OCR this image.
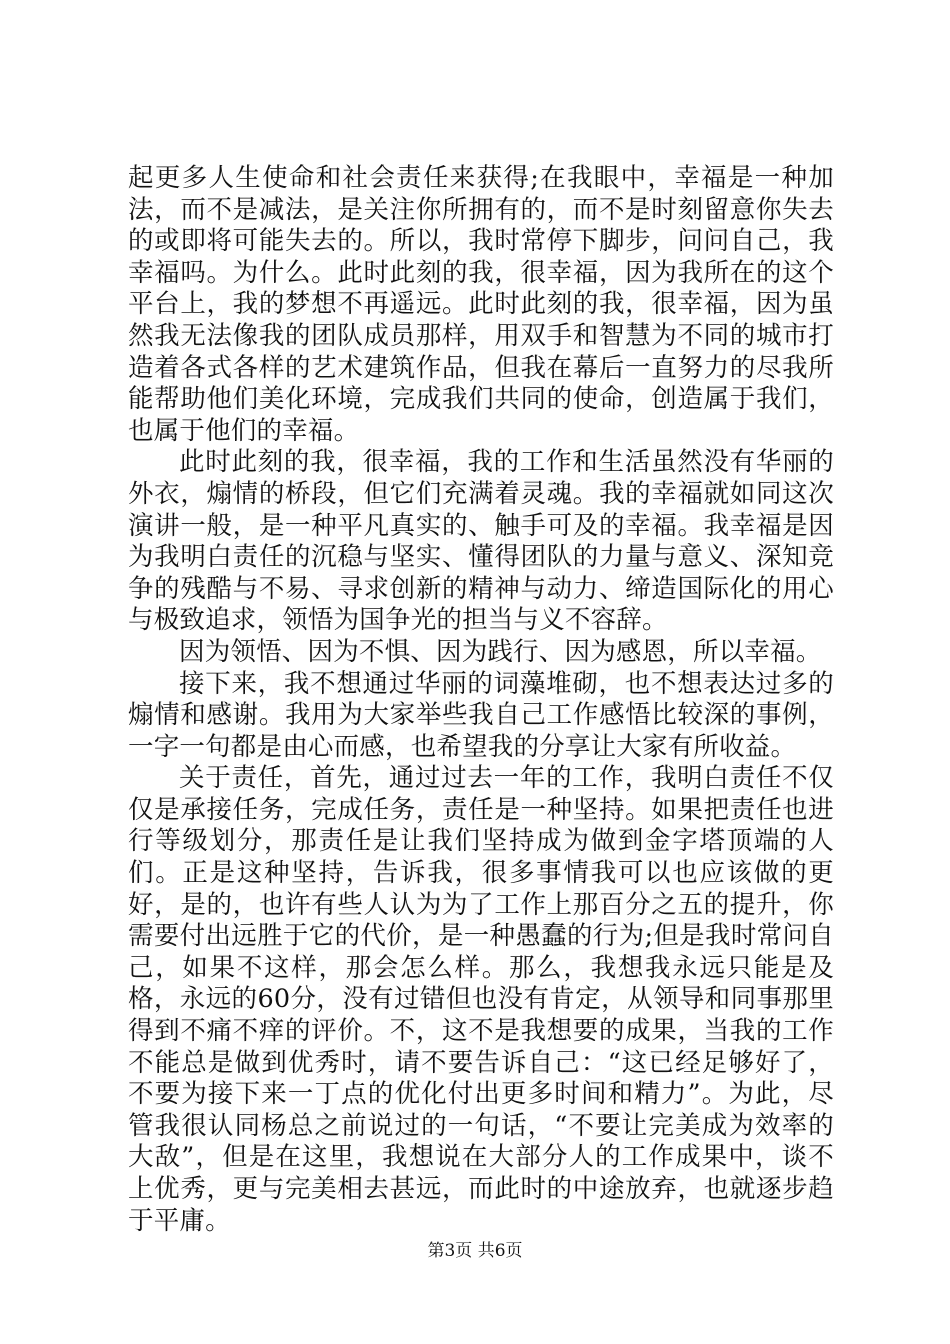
起更多人生使命和社会责任来获得;在我眼中，幸福是一种加法，而不是减法，是关注你所拥有的，而不是时刻留意你失去的或即将可能失去的。所以，我时常停下脚步，问问自己，我幸福吗。为什么。此时此刻的我，很幸福，因为我所在的这个平台上，我的梦想不再遥远。此时此刻的我，很幸福，因为虽然我无法像我的团队成员那样，用双手和智慧为不同的城市打造着各式各样的艺术建筑作品，但我在幕后一直努力的尽我所能帮助他们美化环境，完成我们共同的使命，创造属于我们，也属于他们的幸福。

此时此刻的我，很幸福，我的工作和生活虽然没有华丽的外衣，煽情的桥段，但它们充满着灵魂。我的幸福就如同这次演讲一般，是一种平凡真实的、触手可及的幸福。我幸福是因为我明白责任的沉稳与坚实、懂得团队的力量与意义、深知竞争的残酷与不易、寻求创新的精神与动力、缔造国际化的用心与极致追求，领悟为国争光的担当与义不容辞。

因为领悟、因为不惧、因为践行、因为感恩，所以幸福。

接下来，我不想通过华丽的词藻堆砌，也不想表达过多的煽情和感谢。我用为大家举些我自己工作感悟比较深的事例，一字一句都是由心而感，也希望我的分享让大家有所收益。

关于责任，首先，通过过去一年的工作，我明白责任不仅仅是承接任务，完成任务，责任是一种坚持。如果把责任也进行等级划分，那责任是让我们坚持成为做到金字塔顶端的人们。正是这种坚持，告诉我，很多事情我可以也应该做的更好，是的，也许有些人认为为了工作上那百分之五的提升，你需要付出远胜于它的代价，是一种愚蠢的行为;但是我时常问自己，如果不这样，那会怎么样。那么，我想我永远只能是及格，永远的60分，没有过错但也没有肯定，从领导和同事那里得到不痛不痒的评价。不，这不是我想要的成果，当我的工作不能总是做到优秀时，请不要告诉自己：“这已经足够好了，不要为接下来一丁点的优化付出更多时间和精力”。为此，尽管我很认同杨总之前说过的一句话，“不要让完美成为效率的大敌”，但是在这里，我想说在大部分人的工作成果中，谈不上优秀，更与完美相去甚远，而此时的中途放弃，也就逐步趋于平庸。

第3页 共6页
